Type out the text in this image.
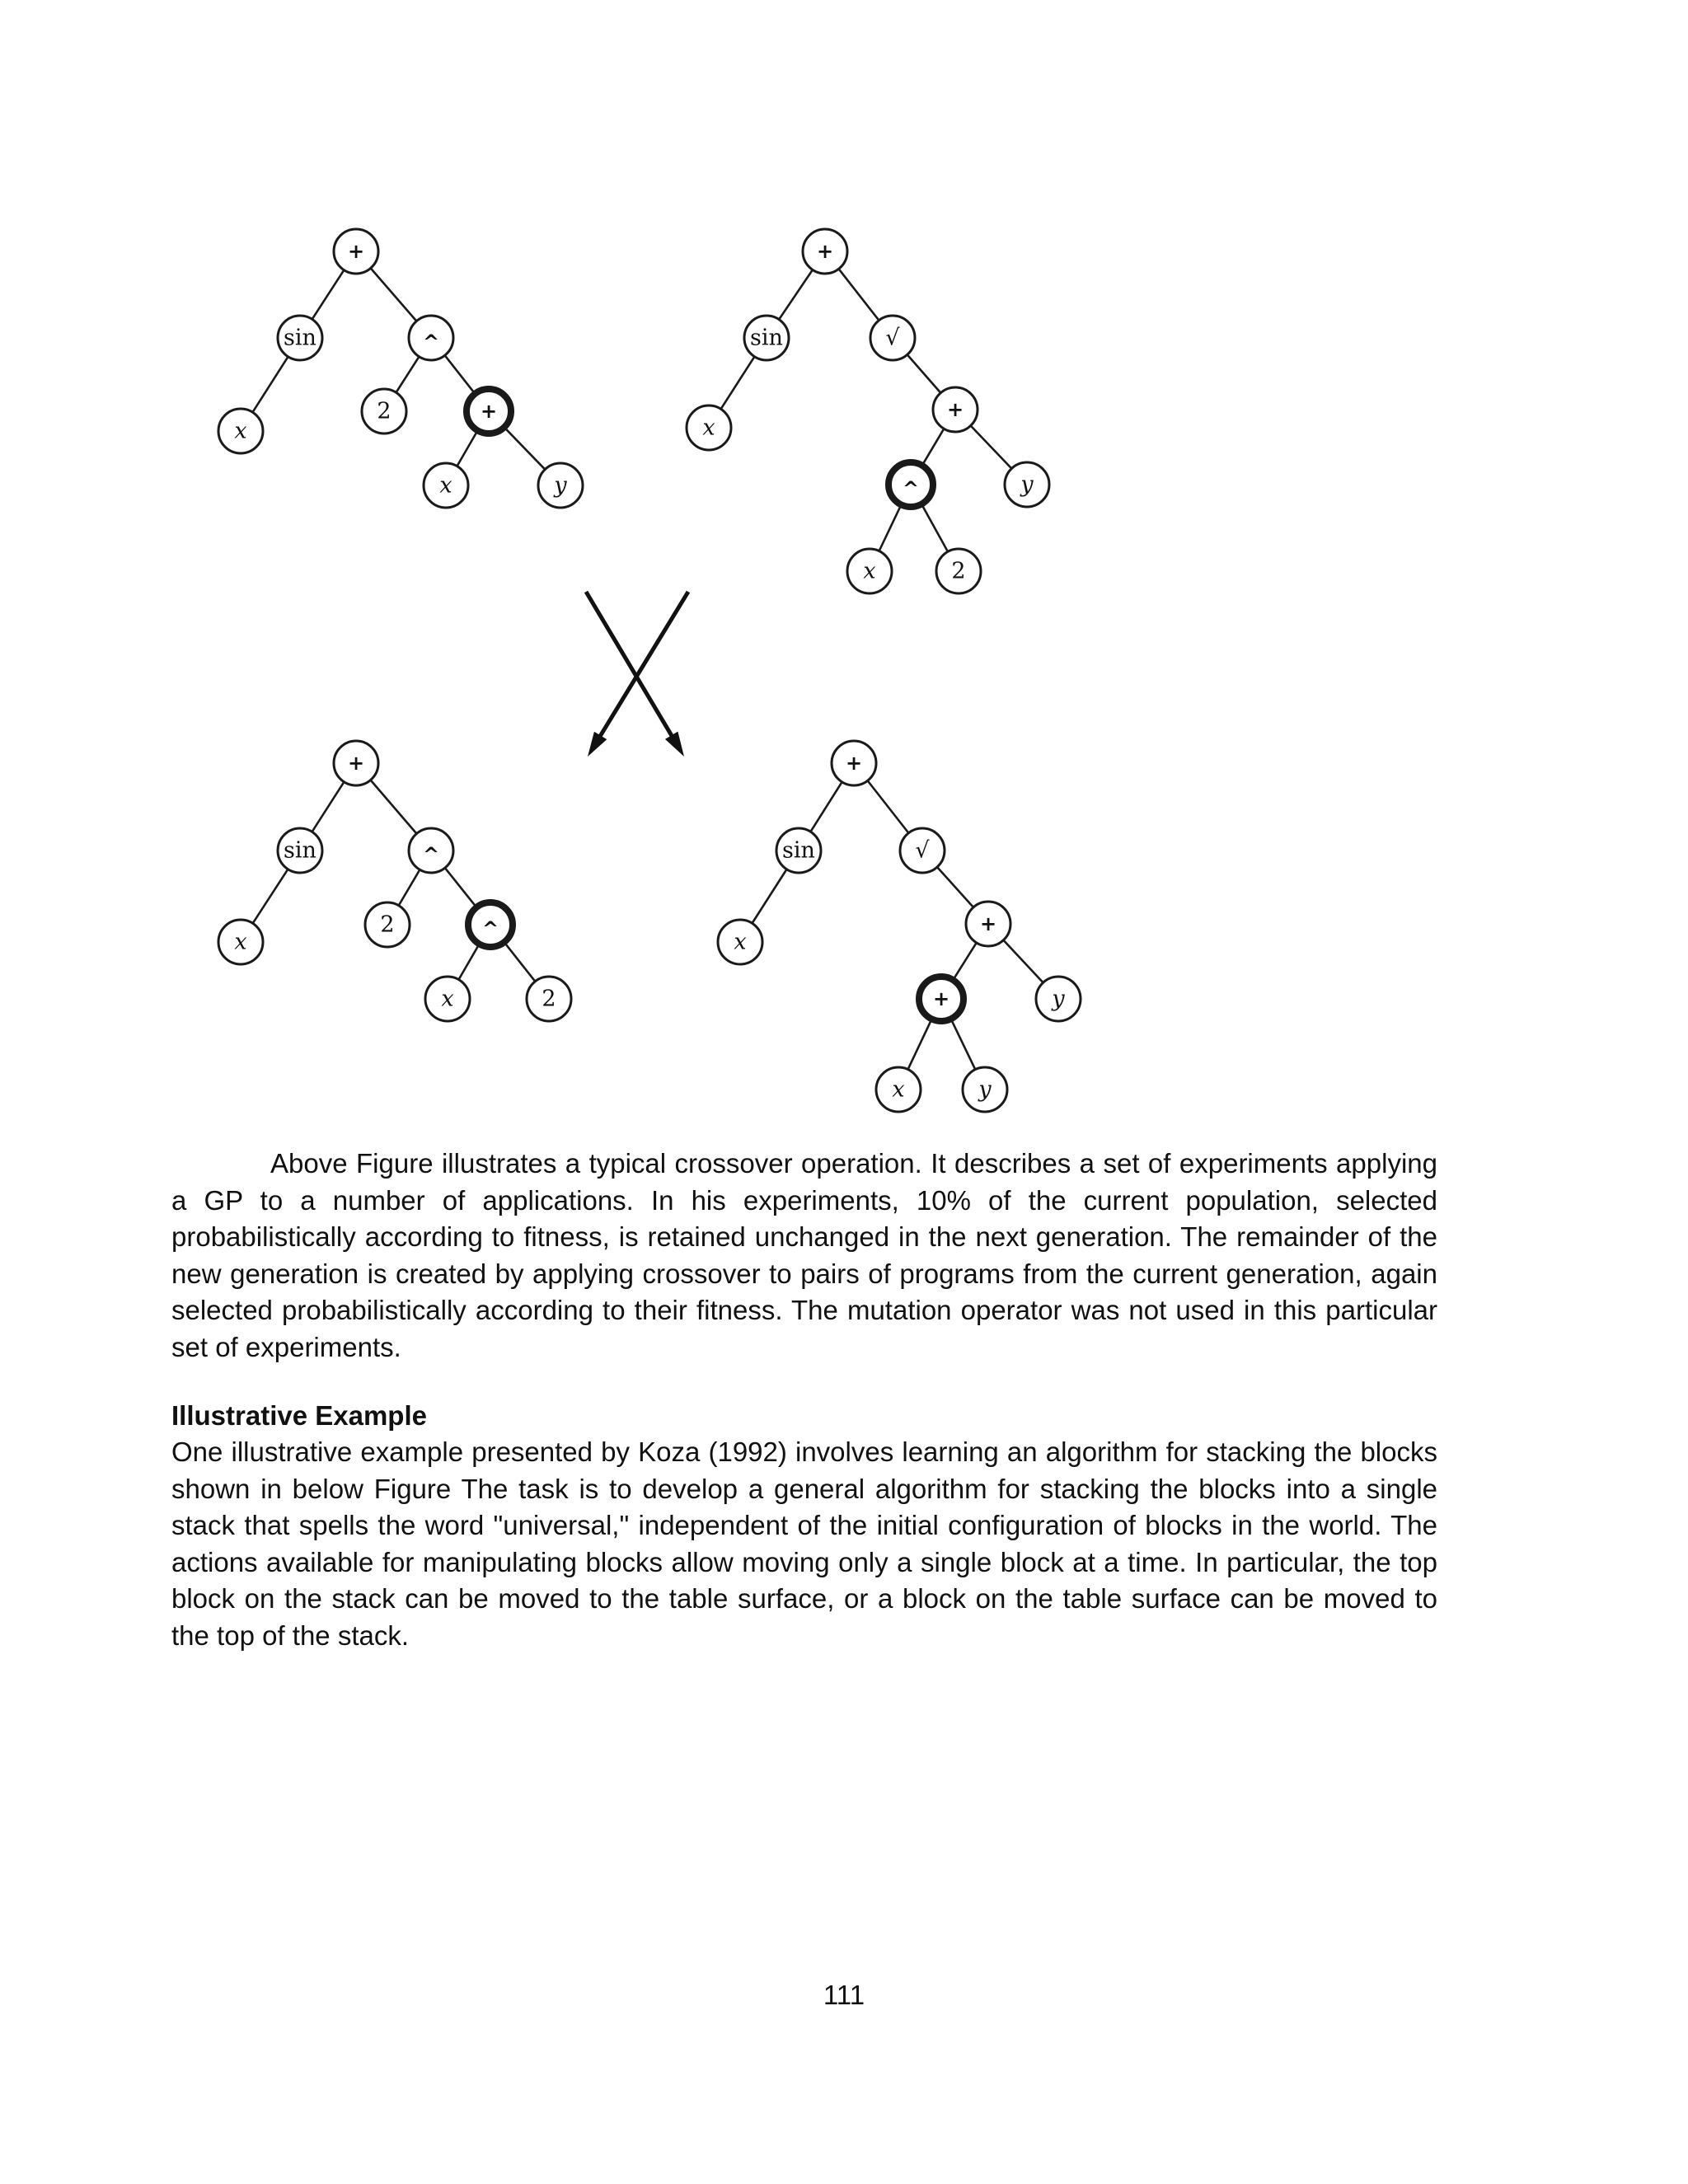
+
sin	^
x
2	+
x	y
+
sin	√
x
+
^	y
x	2
+
sin	^
x
2	^
x	2
+
sin	√
x
+
+	y
x	y

Above Figure illustrates a typical crossover operation. It describes a set of experiments applying a GP to a number of applications. In his experiments, 10% of the current population, selected probabilistically according to fitness, is retained unchanged in the next generation. The remainder of the new generation is created by applying crossover to pairs of programs from the current generation, again selected probabilistically according to their fitness. The mutation operator was not used in this particular set of experiments.

Illustrative Example

One illustrative example presented by Koza (1992) involves learning an algorithm for stacking the blocks shown in below Figure The task is to develop a general algorithm for stacking the blocks into a single stack that spells the word "universal," independent of the initial configuration of blocks in the world. The actions available for manipulating blocks allow moving only a single block at a time. In particular, the top block on the stack can be moved to the table surface, or a block on the table surface can be moved to the top of the stack.

111
